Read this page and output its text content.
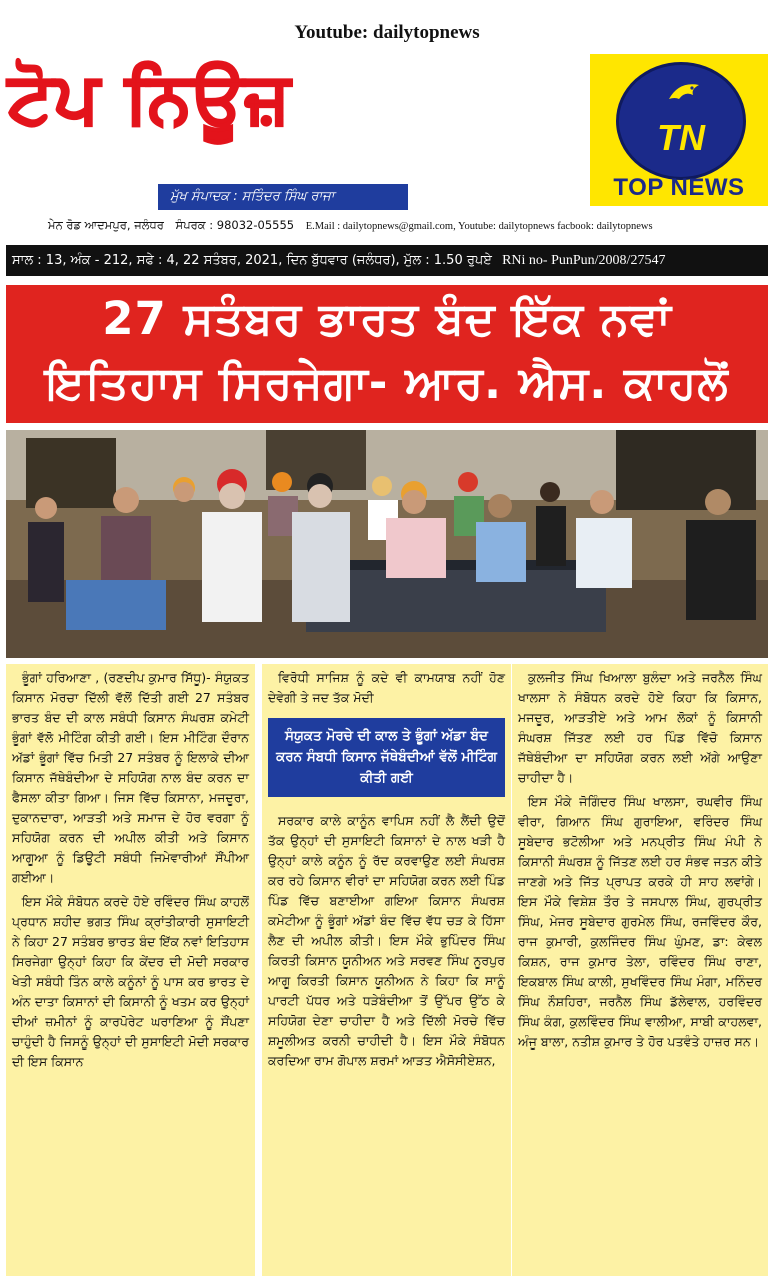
Youtube: dailytopnews
ਟੋਪ ਨਿਊਜ਼	TN
TOP NEWS
ਮੁੱਖ ਸੰਪਾਦਕ : ਸਤਿੰਦਰ ਸਿੰਘ ਰਾਜਾ
ਮੇਨ ਰੋਡ ਆਦਮਪੁਰ, ਜਲੰਧਰ ਸੰਪਰਕ : 98032-05555 E.Mail : dailytopnews@gmail.com, Youtube: dailytopnews facbook: dailytopnews
ਸਾਲ : 13, ਅੰਕ - 212, ਸਫੇ : 4, 22 ਸਤੰਬਰ, 2021, ਦਿਨ ਬੁੱਧਵਾਰ (ਜਲੰਧਰ), ਮੁੱਲ : 1.50 ਰੁਪਏ RNi no- PunPun/2008/27547
27 ਸਤੰਬਰ ਭਾਰਤ ਬੰਦ ਇੱਕ ਨਵਾਂ
ਇਤਿਹਾਸ ਸਿਰਜੇਗਾ- ਆਰ. ਐਸ. ਕਾਹਲੋਂ

ਭੂੰਗਾਂ ਹਰਿਆਣਾ , (ਰਣਦੀਪ ਕੁਮਾਰ ਸਿੱਧੂ)- ਸੰਯੁਕਤ ਕਿਸਾਨ ਮੋਰਚਾ ਦਿੱਲੀ ਵੱਲੋਂ ਦਿੱਤੀ ਗਈ 27 ਸਤੰਬਰ ਭਾਰਤ ਬੰਦ ਦੀ ਕਾਲ ਸਬੰਧੀ ਕਿਸਾਨ ਸੰਘਰਸ਼ ਕਮੇਟੀ ਭੂੰਗਾਂ ਵੱਲੋ ਮੀਟਿੰਗ ਕੀਤੀ ਗਈ। ਇਸ ਮੀਟਿੰਗ ਦੌਰਾਨ ਅੱਡਾਂ ਭੂੰਗਾਂ ਵਿੱਚ ਮਿਤੀ 27 ਸਤੰਬਰ ਨੂੰ ਇਲਾਕੇ ਦੀਆ ਕਿਸਾਨ ਜੱਥੇਬੰਦੀਆ ਦੇ ਸਹਿਯੋਗ ਨਾਲ ਬੰਦ ਕਰਨ ਦਾ ਫੈਸਲਾ ਕੀਤਾ ਗਿਆ। ਜਿਸ ਵਿੱਚ ਕਿਸਾਨਾ, ਮਜਦੂਰਾ, ਦੁਕਾਨਦਾਰਾ, ਆੜਤੀ ਅਤੇ ਸਮਾਜ ਦੇ ਹੋਰ ਵਰਗਾ ਨੂੰ ਸਹਿਯੋਗ ਕਰਨ ਦੀ ਅਪੀਲ ਕੀਤੀ ਅਤੇ ਕਿਸਾਨ ਆਗੂਆ ਨੂੰ ਡਿਊਟੀ ਸਬੰਧੀ ਜਿਮੇਵਾਰੀਆਂ ਸੌਂਪੀਆ ਗਈਆ।

ਇਸ ਮੌਕੇ ਸੰਬੋਧਨ ਕਰਦੇ ਹੋਏ ਰਵਿੰਦਰ ਸਿੰਘ ਕਾਹਲੋਂ ਪ੍ਰਧਾਨ ਸ਼ਹੀਦ ਭਗਤ ਸਿੰਘ ਕ੍ਰਾਂਤੀਕਾਰੀ ਸੁਸਾਇਟੀ ਨੇ ਕਿਹਾ 27 ਸਤੰਬਰ ਭਾਰਤ ਬੰਦ ਇੱਕ ਨਵਾਂ ਇਤਿਹਾਸ ਸਿਰਜੇਗਾ ਉਨ੍ਹਾਂ ਕਿਹਾ ਕਿ ਕੇਂਦਰ ਦੀ ਮੋਦੀ ਸਰਕਾਰ ਖੇਤੀ ਸਬੰਧੀ ਤਿੰਨ ਕਾਲੇ ਕਨੂੰਨਾਂ ਨੂੰ ਪਾਸ ਕਰ ਭਾਰਤ ਦੇ ਅੰਨ ਦਾਤਾ ਕਿਸਾਨਾਂ ਦੀ ਕਿਸਾਨੀ ਨੂੰ ਖਤਮ ਕਰ ਉਨ੍ਹਾਂ ਦੀਆਂ ਜ਼ਮੀਨਾਂ ਨੂੰ ਕਾਰਪੋਰੇਟ ਘਰਾਣਿਆ ਨੂੰ ਸੌਂਪਣਾ ਚਾਹੁੰਦੀ ਹੈ ਜਿਸਨੂੰ ਉਨ੍ਹਾਂ ਦੀ ਸੁਸਾਇਟੀ ਮੋਦੀ ਸਰਕਾਰ ਦੀ ਇਸ ਕਿਸਾਨ

ਵਿਰੋਧੀ ਸਾਜਿਸ਼ ਨੂੰ ਕਦੇ ਵੀ ਕਾਮਯਾਬ ਨਹੀਂ ਹੋਣ ਦੇਵੇਗੀ ਤੇ ਜਦ ਤੱਕ ਮੋਦੀ

ਸੰਯੁਕਤ ਮੋਰਚੇ ਦੀ ਕਾਲ ਤੇ ਭੂੰਗਾਂ ਅੱਡਾ ਬੰਦ ਕਰਨ ਸੰਬਧੀ ਕਿਸਾਨ ਜੱਥੇਬੰਦੀਆਂ ਵੱਲੋਂ ਮੀਟਿੰਗ ਕੀਤੀ ਗਈ

ਸਰਕਾਰ ਕਾਲੇ ਕਾਨੂੰਨ ਵਾਪਿਸ ਨਹੀਂ ਲੈ ਲੈਂਦੀ ਉਦੋਂ ਤੱਕ ਉਨ੍ਹਾਂ ਦੀ ਸੁਸਾਇਟੀ ਕਿਸਾਨਾਂ ਦੇ ਨਾਲ ਖੜੀ ਹੈ ਉਨ੍ਹਾਂ ਕਾਲੇ ਕਨੂੰਨ ਨੂੰ ਰੱਦ ਕਰਵਾਉਣ ਲਈ ਸੰਘਰਸ਼ ਕਰ ਰਹੇ ਕਿਸਾਨ ਵੀਰਾਂ ਦਾ ਸਹਿਯੋਗ ਕਰਨ ਲਈ ਪਿੰਡ ਪਿੰਡ ਵਿੱਚ ਬਣਾਈਆ ਗਇਆ ਕਿਸਾਨ ਸੰਘਰਸ਼ ਕਮੇਟੀਆ ਨੂੰ ਭੂੰਗਾਂ ਅੱਡਾਂ ਬੰਦ ਵਿੱਚ ਵੱਧ ਚੜ ਕੇ ਹਿੱਸਾ ਲੈਣ ਦੀ ਅਪੀਲ ਕੀਤੀ। ਇਸ ਮੌਕੇ ਭੁਪਿੰਦਰ ਸਿੰਘ ਕਿਰਤੀ ਕਿਸਾਨ ਯੂਨੀਅਨ ਅਤੇ ਸਰਵਣ ਸਿੰਘ ਨੂਰਪੁਰ ਆਗੂ ਕਿਰਤੀ ਕਿਸਾਨ ਯੂਨੀਅਨ ਨੇ ਕਿਹਾ ਕਿ ਸਾਨੂੰ ਪਾਰਟੀ ਪੱਧਰ ਅਤੇ ਧੜੇਬੰਦੀਆ ਤੋਂ ਉੱਪਰ ਉੱਠ ਕੇ ਸਹਿਯੋਗ ਦੇਣਾ ਚਾਹੀਦਾ ਹੈ ਅਤੇ ਦਿੱਲੀ ਮੋਰਚੇ ਵਿੱਚ ਸ਼ਮੂਲੀਅਤ ਕਰਨੀ ਚਾਹੀਦੀ ਹੈ। ਇਸ ਮੌਕੇ ਸੰਬੋਧਨ ਕਰਦਿਆ ਰਾਮ ਗੋਪਾਲ ਸ਼ਰਮਾਂ ਆੜਤ ਐਸੋਸੀਏਸ਼ਨ,

ਕੁਲਜੀਤ ਸਿੰਘ ਖਿਆਲਾ ਬੁਲੰਦਾ ਅਤੇ ਜਰਨੈਲ ਸਿੰਘ ਖਾਲਸਾ ਨੇ ਸੰਬੋਧਨ ਕਰਦੇ ਹੋਏ ਕਿਹਾ ਕਿ ਕਿਸਾਨ, ਮਜਦੂਰ, ਆੜਤੀਏ ਅਤੇ ਆਮ ਲੋਕਾਂ ਨੂੰ ਕਿਸਾਨੀ ਸੰਘਰਸ਼ ਜਿੱਤਣ ਲਈ ਹਰ ਪਿੰਡ ਵਿੱਚੋ ਕਿਸਾਨ ਜੱਥੇਬੰਦੀਆ ਦਾ ਸਹਿਯੋਗ ਕਰਨ ਲਈ ਅੱਗੇ ਆਉਣਾ ਚਾਹੀਦਾ ਹੈ।

ਇਸ ਮੌਕੇ ਜੋਗਿੰਦਰ ਸਿੰਘ ਖਾਲਸਾ, ਰਘਵੀਰ ਸਿੰਘ ਵੀਰਾ, ਗਿਆਨ ਸਿੰਘ ਗੁਰਾਇਆ, ਵਰਿੰਦਰ ਸਿੰਘ ਸੂਬੇਦਾਰ ਭਟੋਲੀਆ ਅਤੇ ਮਨਪ੍ਰੀਤ ਸਿੰਘ ਮੰਪੀ ਨੇ ਕਿਸਾਨੀ ਸੰਘਰਸ਼ ਨੂੰ ਜਿੱਤਣ ਲਈ ਹਰ ਸੰਭਵ ਜਤਨ ਕੀਤੇ ਜਾਣਗੇ ਅਤੇ ਜਿੱਤ ਪ੍ਰਾਪਤ ਕਰਕੇ ਹੀ ਸਾਹ ਲਵਾਂਗੇ। ਇਸ ਮੌਕੇ ਵਿਸ਼ੇਸ਼ ਤੌਰ ਤੇ ਜਸਪਾਲ ਸਿੰਘ, ਗੁਰਪ੍ਰੀਤ ਸਿੰਘ, ਮੇਜਰ ਸੂਬੇਦਾਰ ਗੁਰਮੇਲ ਸਿੰਘ, ਰਜਵਿੰਦਰ ਕੌਰ, ਰਾਜ ਕੁਮਾਰੀ, ਕੁਲਜਿੰਦਰ ਸਿੰਘ ਘੁੰਮਣ, ਡਾ: ਕੇਵਲ ਕਿਸ਼ਨ, ਰਾਜ ਕੁਮਾਰ ਤੇਲਾ, ਰਵਿੰਦਰ ਸਿੰਘ ਰਾਣਾ, ਇਕਬਾਲ ਸਿੰਘ ਕਾਲੀ, ਸੁਖਵਿੰਦਰ ਸਿੰਘ ਮੰਗਾ, ਮਨਿੰਦਰ ਸਿੰਘ ਨੌਸ਼ਹਿਰਾ, ਜਰਨੈਲ ਸਿੰਘ ਡੱਲੇਵਾਲ, ਹਰਵਿੰਦਰ ਸਿੰਘ ਕੰਗ, ਕੁਲਵਿੰਦਰ ਸਿੰਘ ਵਾਲੀਆ, ਸਾਬੀ ਕਾਹਲਵਾ, ਅੰਜੂ ਬਾਲਾ, ਨਤੀਸ਼ ਕੁਮਾਰ ਤੇ ਹੋਰ ਪਤਵੰਤੇ ਹਾਜ਼ਰ ਸਨ।
